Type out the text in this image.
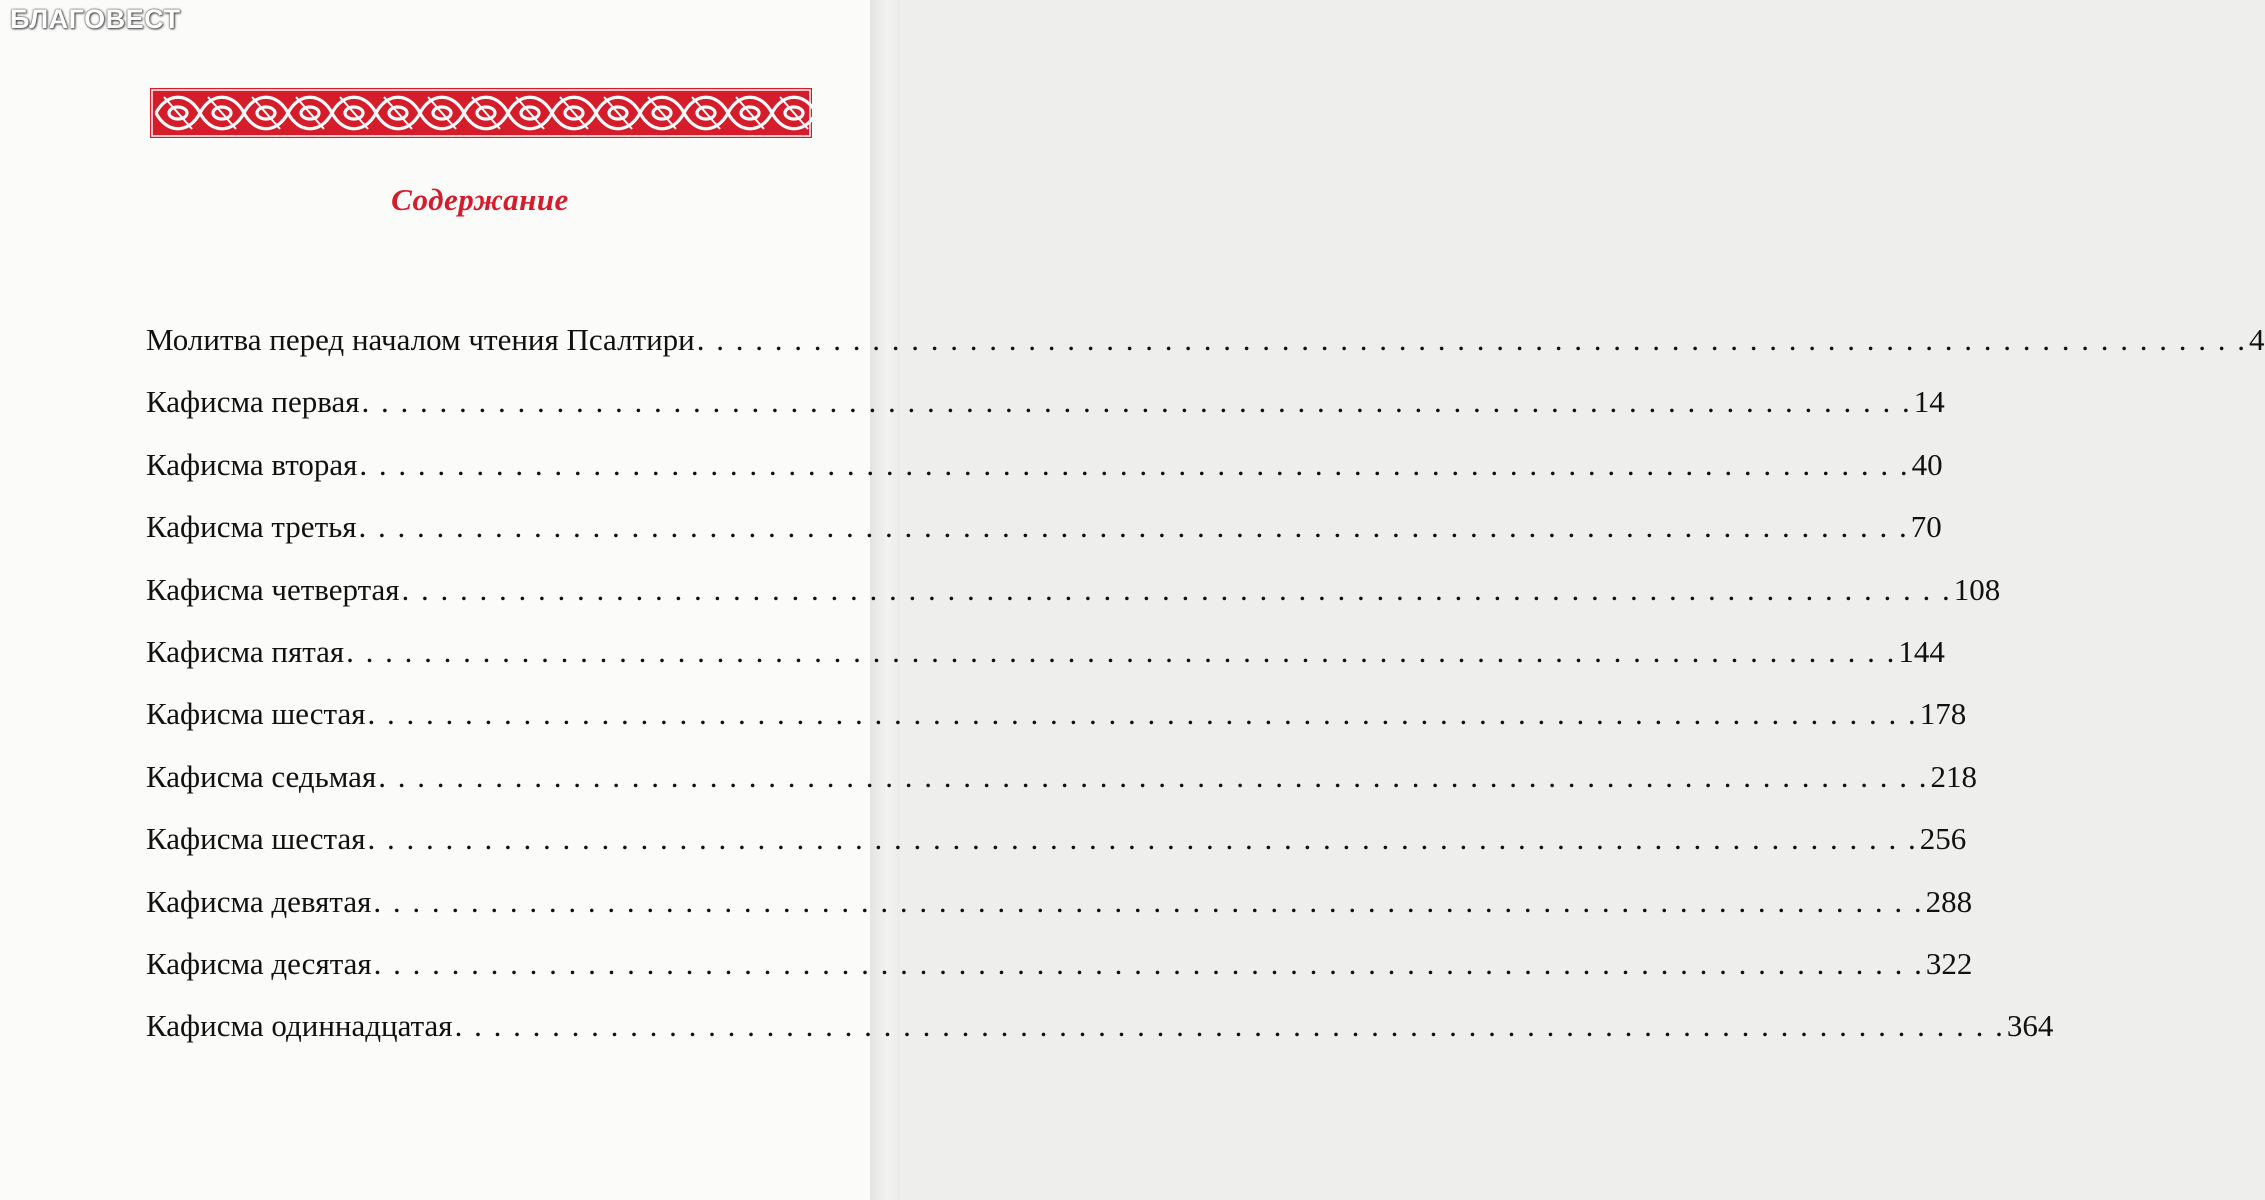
БЛАГОВЕСТ
Содержание
Молитва перед началом чтения Псалтири . . . . . . . . . . . . . . . . . . . . . . . . . . . . . . . . . . . . . . . . . . . . . . . . . . . . . . . . . . . . . . . . . . . . . . . . . . . . . . . . 4
Кафисма первая . . . . . . . . . . . . . . . . . . . . . . . . . . . . . . . . . . . . . . . . . . . . . . . . . . . . . . . . . . . . . . . . . . . . . . . . . . . . . . . . 14
Кафисма вторая . . . . . . . . . . . . . . . . . . . . . . . . . . . . . . . . . . . . . . . . . . . . . . . . . . . . . . . . . . . . . . . . . . . . . . . . . . . . . . . . 40
Кафисма третья . . . . . . . . . . . . . . . . . . . . . . . . . . . . . . . . . . . . . . . . . . . . . . . . . . . . . . . . . . . . . . . . . . . . . . . . . . . . . . . . 70
Кафисма четвертая . . . . . . . . . . . . . . . . . . . . . . . . . . . . . . . . . . . . . . . . . . . . . . . . . . . . . . . . . . . . . . . . . . . . . . . . . . . . . . . . 108
Кафисма пятая . . . . . . . . . . . . . . . . . . . . . . . . . . . . . . . . . . . . . . . . . . . . . . . . . . . . . . . . . . . . . . . . . . . . . . . . . . . . . . . . 144
Кафисма шестая . . . . . . . . . . . . . . . . . . . . . . . . . . . . . . . . . . . . . . . . . . . . . . . . . . . . . . . . . . . . . . . . . . . . . . . . . . . . . . . . 178
Кафисма седьмая . . . . . . . . . . . . . . . . . . . . . . . . . . . . . . . . . . . . . . . . . . . . . . . . . . . . . . . . . . . . . . . . . . . . . . . . . . . . . . . . 218
Кафисма шестая . . . . . . . . . . . . . . . . . . . . . . . . . . . . . . . . . . . . . . . . . . . . . . . . . . . . . . . . . . . . . . . . . . . . . . . . . . . . . . . . 256
Кафисма девятая . . . . . . . . . . . . . . . . . . . . . . . . . . . . . . . . . . . . . . . . . . . . . . . . . . . . . . . . . . . . . . . . . . . . . . . . . . . . . . . . 288
Кафисма десятая . . . . . . . . . . . . . . . . . . . . . . . . . . . . . . . . . . . . . . . . . . . . . . . . . . . . . . . . . . . . . . . . . . . . . . . . . . . . . . . . 322
Кафисма одиннадцатая . . . . . . . . . . . . . . . . . . . . . . . . . . . . . . . . . . . . . . . . . . . . . . . . . . . . . . . . . . . . . . . . . . . . . . . . . . . . . . . . 364
